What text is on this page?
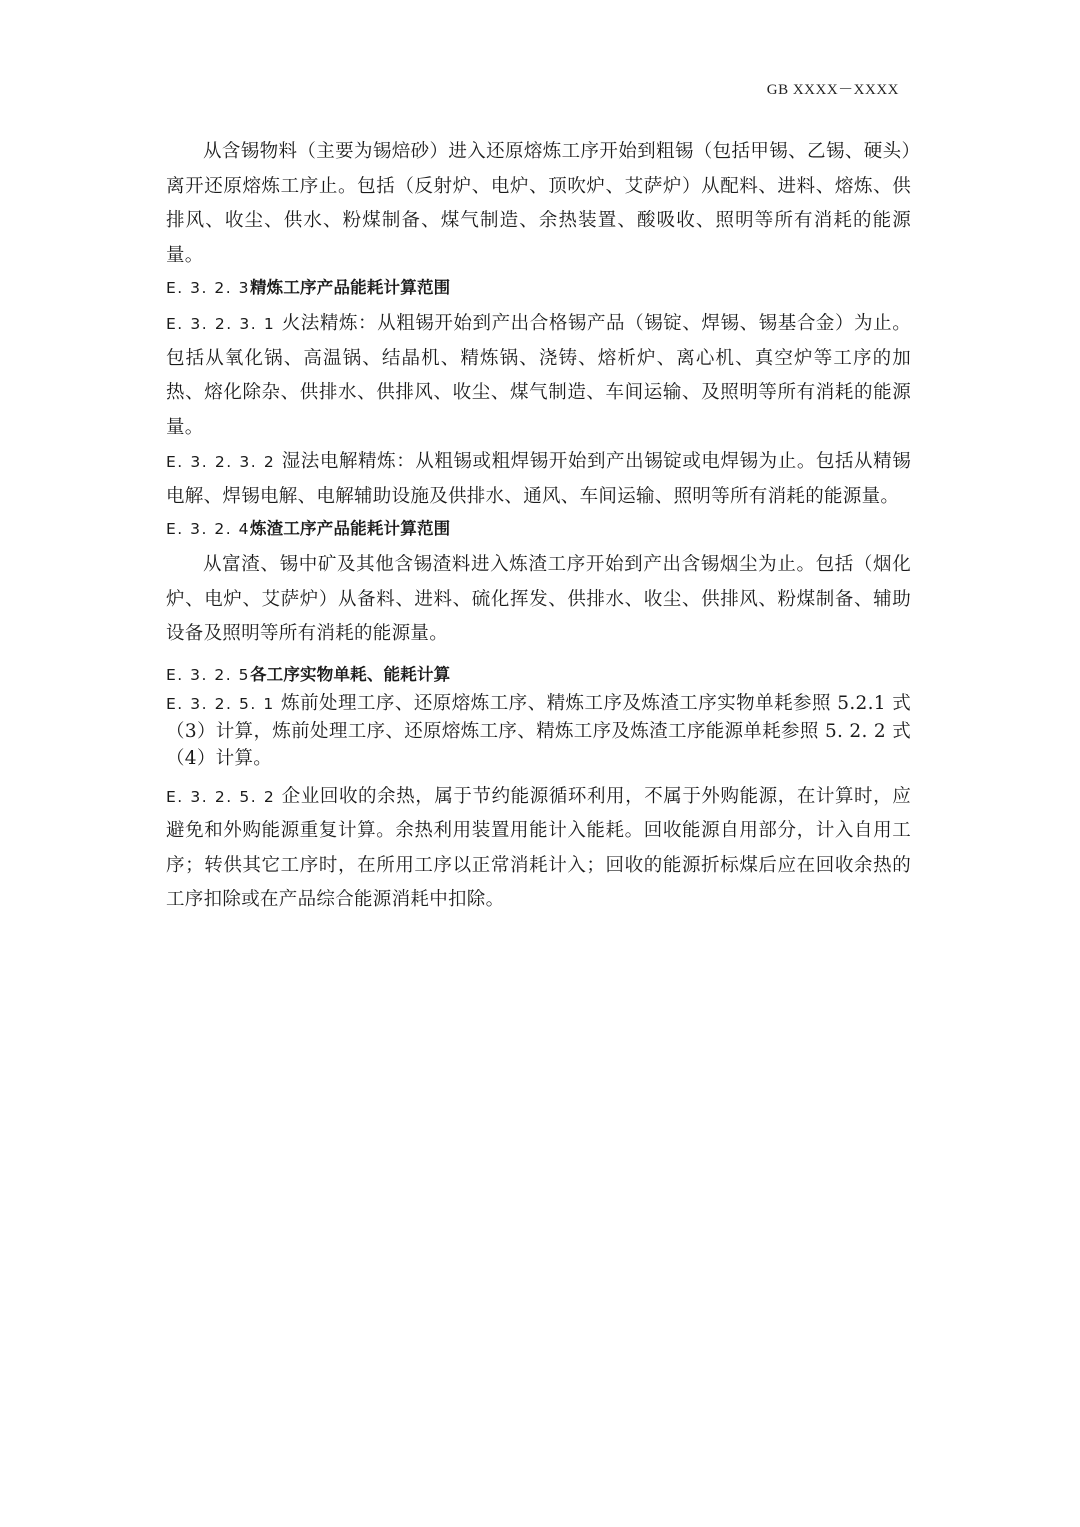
GB XXXX－XXXX

从含锡物料（主要为锡焙砂）进入还原熔炼工序开始到粗锡（包括甲锡、乙锡、硬头）离开还原熔炼工序止。包括（反射炉、电炉、顶吹炉、艾萨炉）从配料、进料、熔炼、供排风、收尘、供水、粉煤制备、煤气制造、余热装置、酸吸收、照明等所有消耗的能源量。

E. 3. 2. 3精炼工序产品能耗计算范围

E. 3. 2. 3. 1 火法精炼：从粗锡开始到产出合格锡产品（锡锭、焊锡、锡基合金）为止。包括从氧化锅、高温锅、结晶机、精炼锅、浇铸、熔析炉、离心机、真空炉等工序的加热、熔化除杂、供排水、供排风、收尘、煤气制造、车间运输、及照明等所有消耗的能源量。

E. 3. 2. 3. 2 湿法电解精炼：从粗锡或粗焊锡开始到产出锡锭或电焊锡为止。包括从精锡电解、焊锡电解、电解辅助设施及供排水、通风、车间运输、照明等所有消耗的能源量。

E. 3. 2. 4炼渣工序产品能耗计算范围

从富渣、锡中矿及其他含锡渣料进入炼渣工序开始到产出含锡烟尘为止。包括（烟化炉、电炉、艾萨炉）从备料、进料、硫化挥发、供排水、收尘、供排风、粉煤制备、辅助设备及照明等所有消耗的能源量。

E. 3. 2. 5各工序实物单耗、能耗计算

E. 3. 2. 5. 1 炼前处理工序、还原熔炼工序、精炼工序及炼渣工序实物单耗参照 5.2.1 式（3）计算，炼前处理工序、还原熔炼工序、精炼工序及炼渣工序能源单耗参照 5. 2. 2 式（4）计算。

E. 3. 2. 5. 2 企业回收的余热，属于节约能源循环利用，不属于外购能源，在计算时，应避免和外购能源重复计算。余热利用装置用能计入能耗。回收能源自用部分，计入自用工序；转供其它工序时，在所用工序以正常消耗计入；回收的能源折标煤后应在回收余热的工序扣除或在产品综合能源消耗中扣除。
